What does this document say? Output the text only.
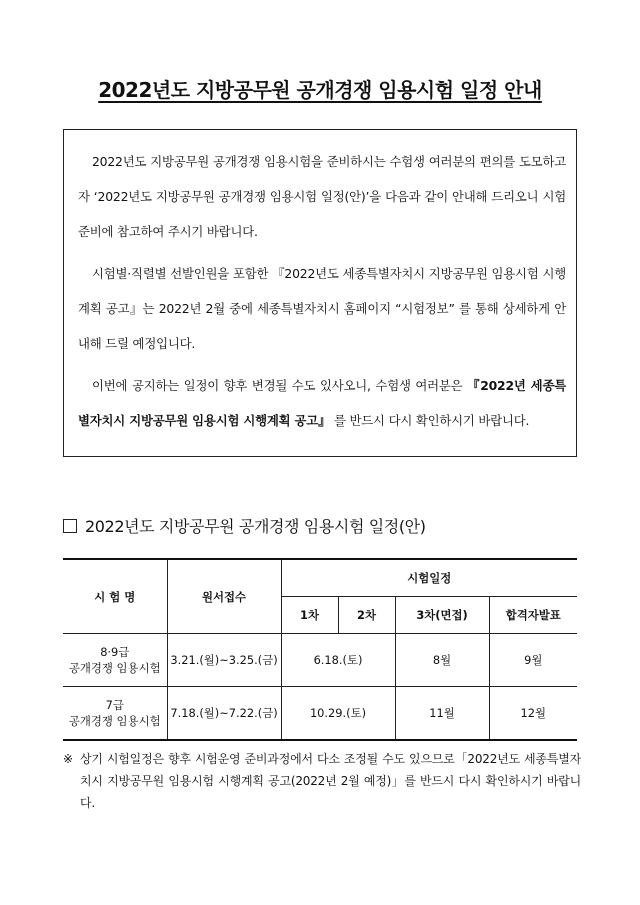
2022년도 지방공무원 공개경쟁 임용시험 일정 안내

2022년도 지방공무원 공개경쟁 임용시험을 준비하시는 수험생 여러분의 편의를 도모하고자 ‘2022년도 지방공무원 공개경쟁 임용시험 일정(안)’을 다음과 같이 안내해 드리오니 시험 준비에 참고하여 주시기 바랍니다.

시험별·직렬별 선발인원을 포함한 『2022년도 세종특별자치시 지방공무원 임용시험 시행계획 공고』는 2022년 2월 중에 세종특별자치시 홈페이지 “시험정보” 를 통해 상세하게 안내해 드릴 예정입니다.

이번에 공지하는 일정이 향후 변경될 수도 있사오니, 수험생 여러분은 『2022년 세종특별자치시 지방공무원 임용시험 시행계획 공고』 를 반드시 다시 확인하시기 바랍니다.

2022년도 지방공무원 공개경쟁 임용시험 일정(안)
시 험 명	원서접수	시험일정			
		1차	2차	3차(면접)	합격자발표

8·9급
공개경쟁 임용시험	3.21.(월)~3.25.(금)	6.18.(토)		8월	9월

7급
공개경쟁 임용시험	7.18.(월)~7.22.(금)	10.29.(토)		11월	12월
※ 상기 시험일정은 향후 시험운영 준비과정에서 다소 조정될 수도 있으므로「2022년도 세종특별자치시 지방공무원 임용시험 시행계획 공고(2022년 2월 예정)」를 반드시 다시 확인하시기 바랍니다.
